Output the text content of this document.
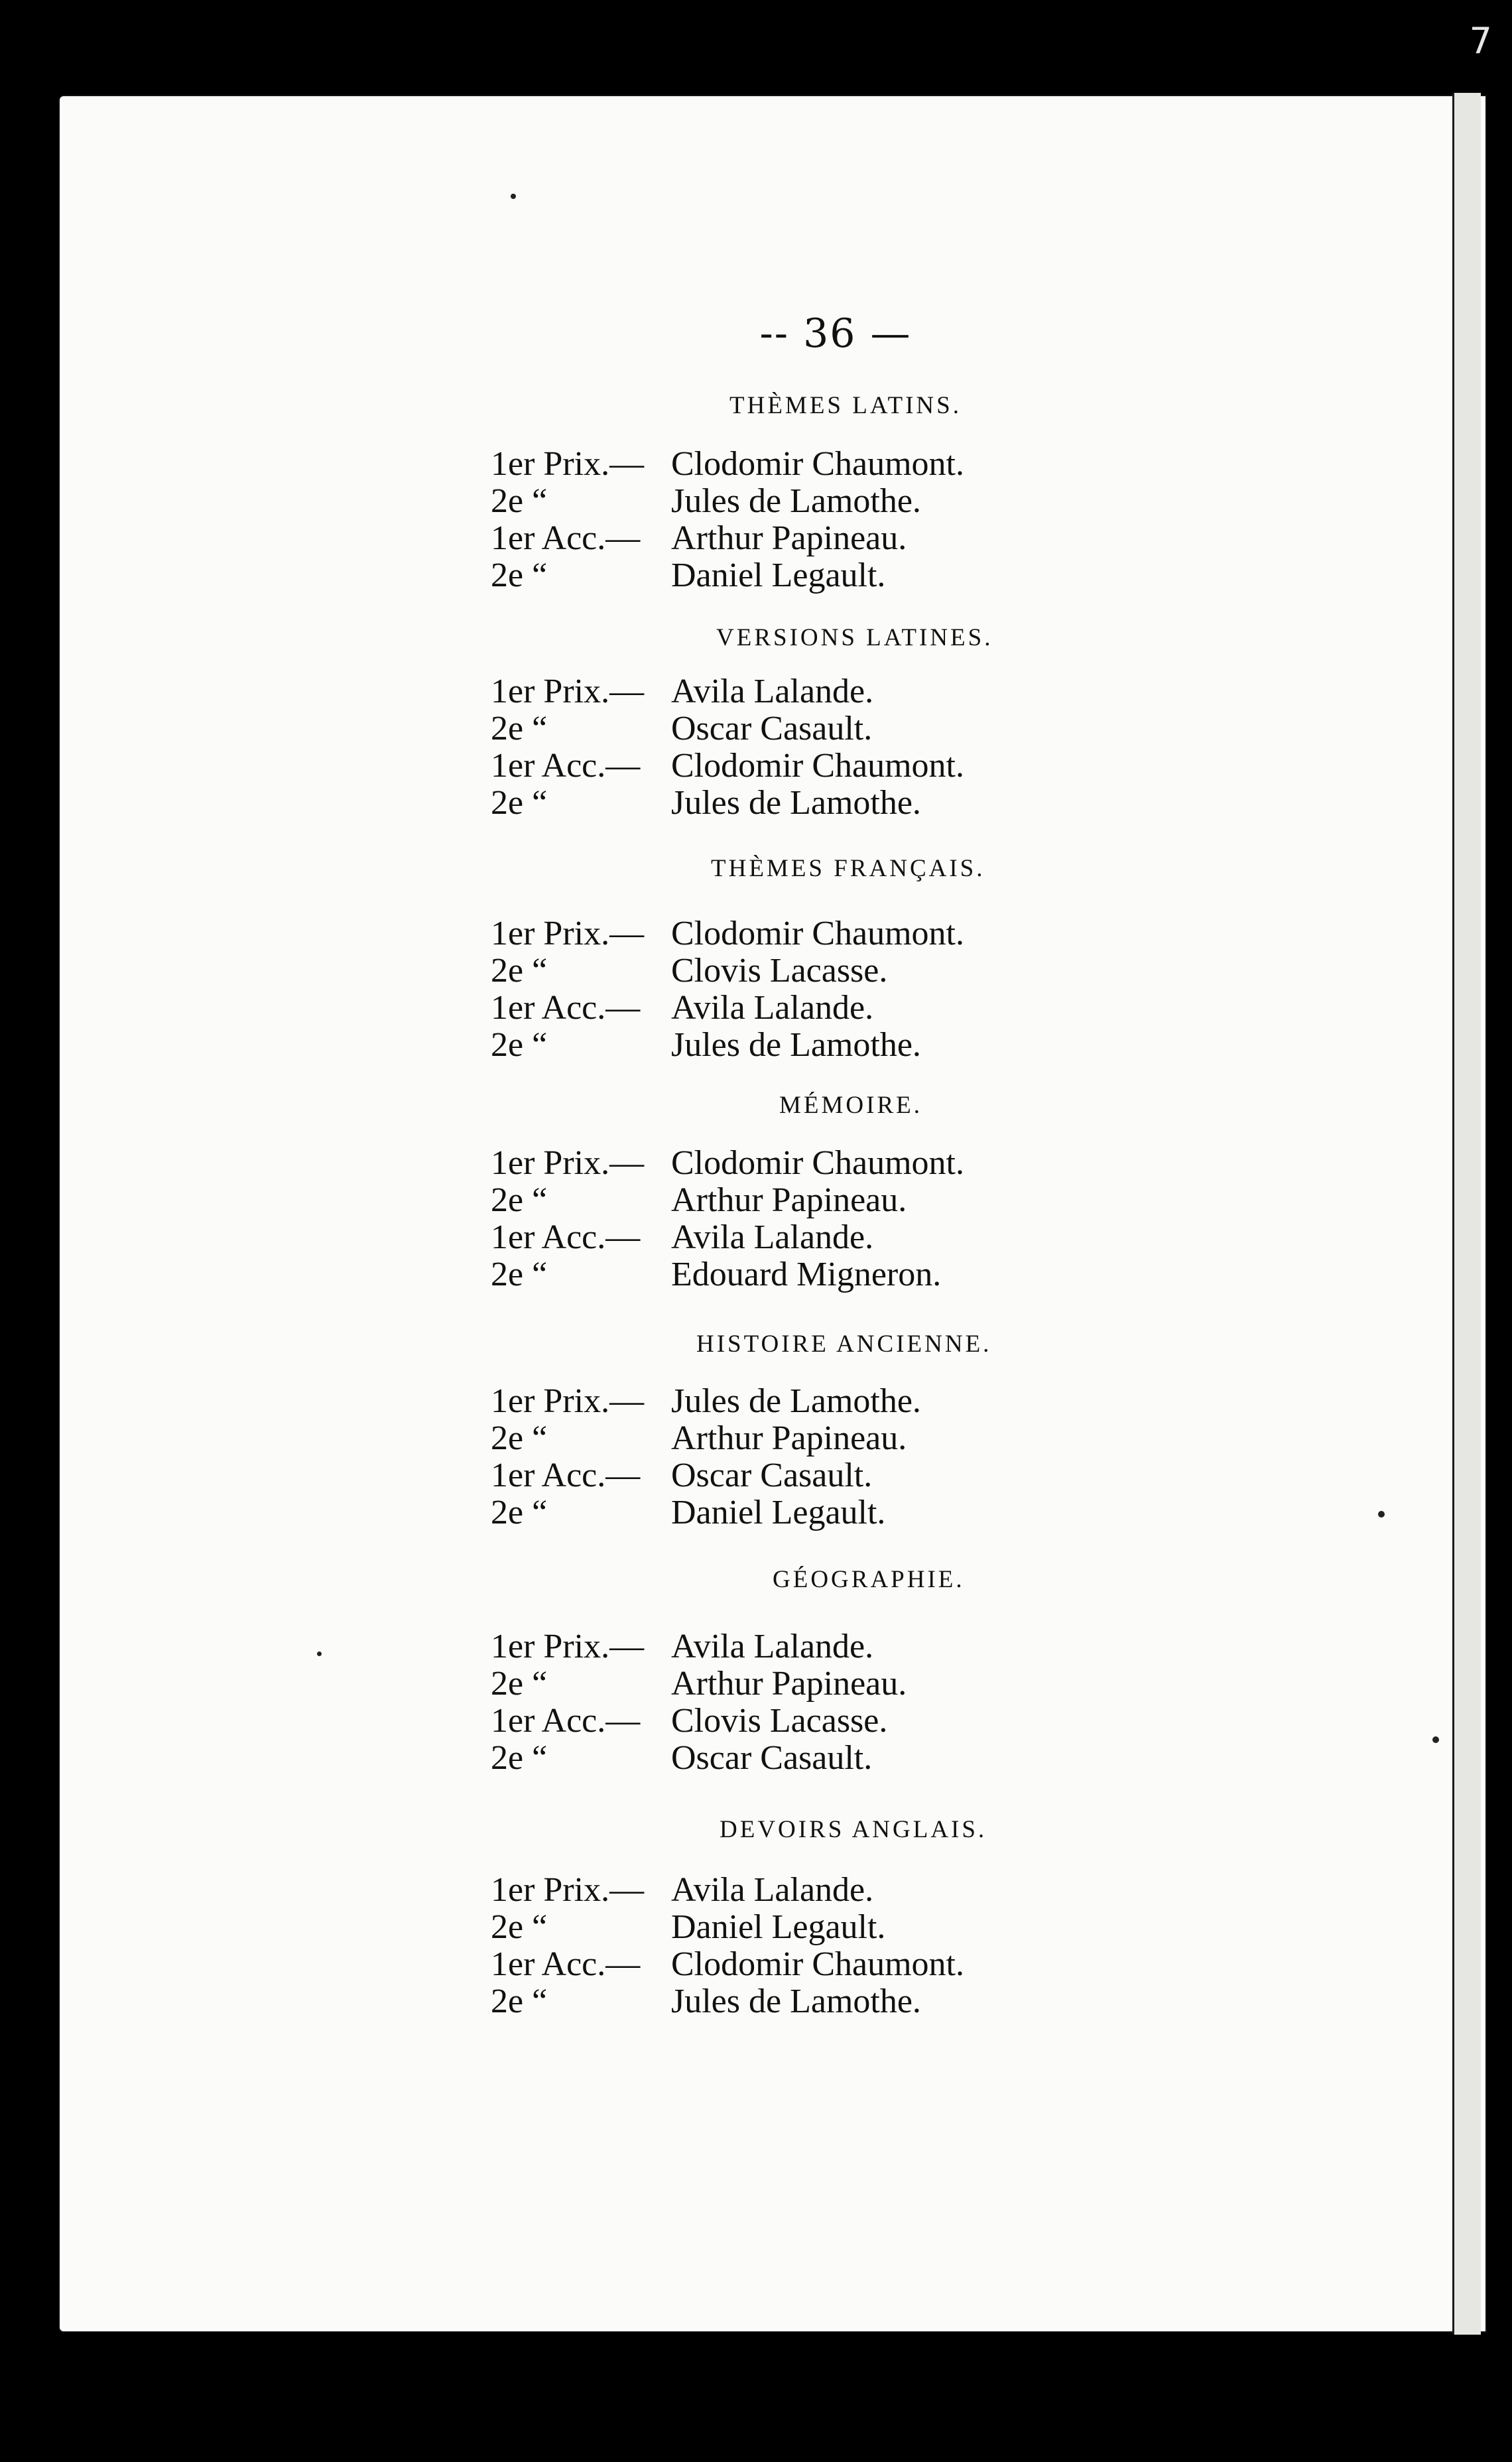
7
-- 36 —
THÈMES LATINS.
1er Prix.— Clodomir Chaumont.
2e “	Jules de Lamothe.
1er Acc.— Arthur Papineau.
2e “	Daniel Legault.
VERSIONS LATINES.
1er Prix.— Avila Lalande.
2e “	Oscar Casault.
1er Acc.— Clodomir Chaumont.
2e “	Jules de Lamothe.
THÈMES FRANÇAIS.
1er Prix.— Clodomir Chaumont.
2e “	Clovis Lacasse.
1er Acc.— Avila Lalande.
2e “	Jules de Lamothe.
MÉMOIRE.
1er Prix.— Clodomir Chaumont.
2e “	Arthur Papineau.
1er Acc.— Avila Lalande.
2e “	Edouard Migneron.
HISTOIRE ANCIENNE.
1er Prix.— Jules de Lamothe.
2e “	Arthur Papineau.
1er Acc.— Oscar Casault.
2e “	Daniel Legault.
GÉOGRAPHIE.
1er Prix.— Avila Lalande.
2e “	Arthur Papineau.
1er Acc.— Clovis Lacasse.
2e “	Oscar Casault.
DEVOIRS ANGLAIS.
1er Prix.— Avila Lalande.
2e “	Daniel Legault.
1er Acc.— Clodomir Chaumont.
2e “	Jules de Lamothe.
